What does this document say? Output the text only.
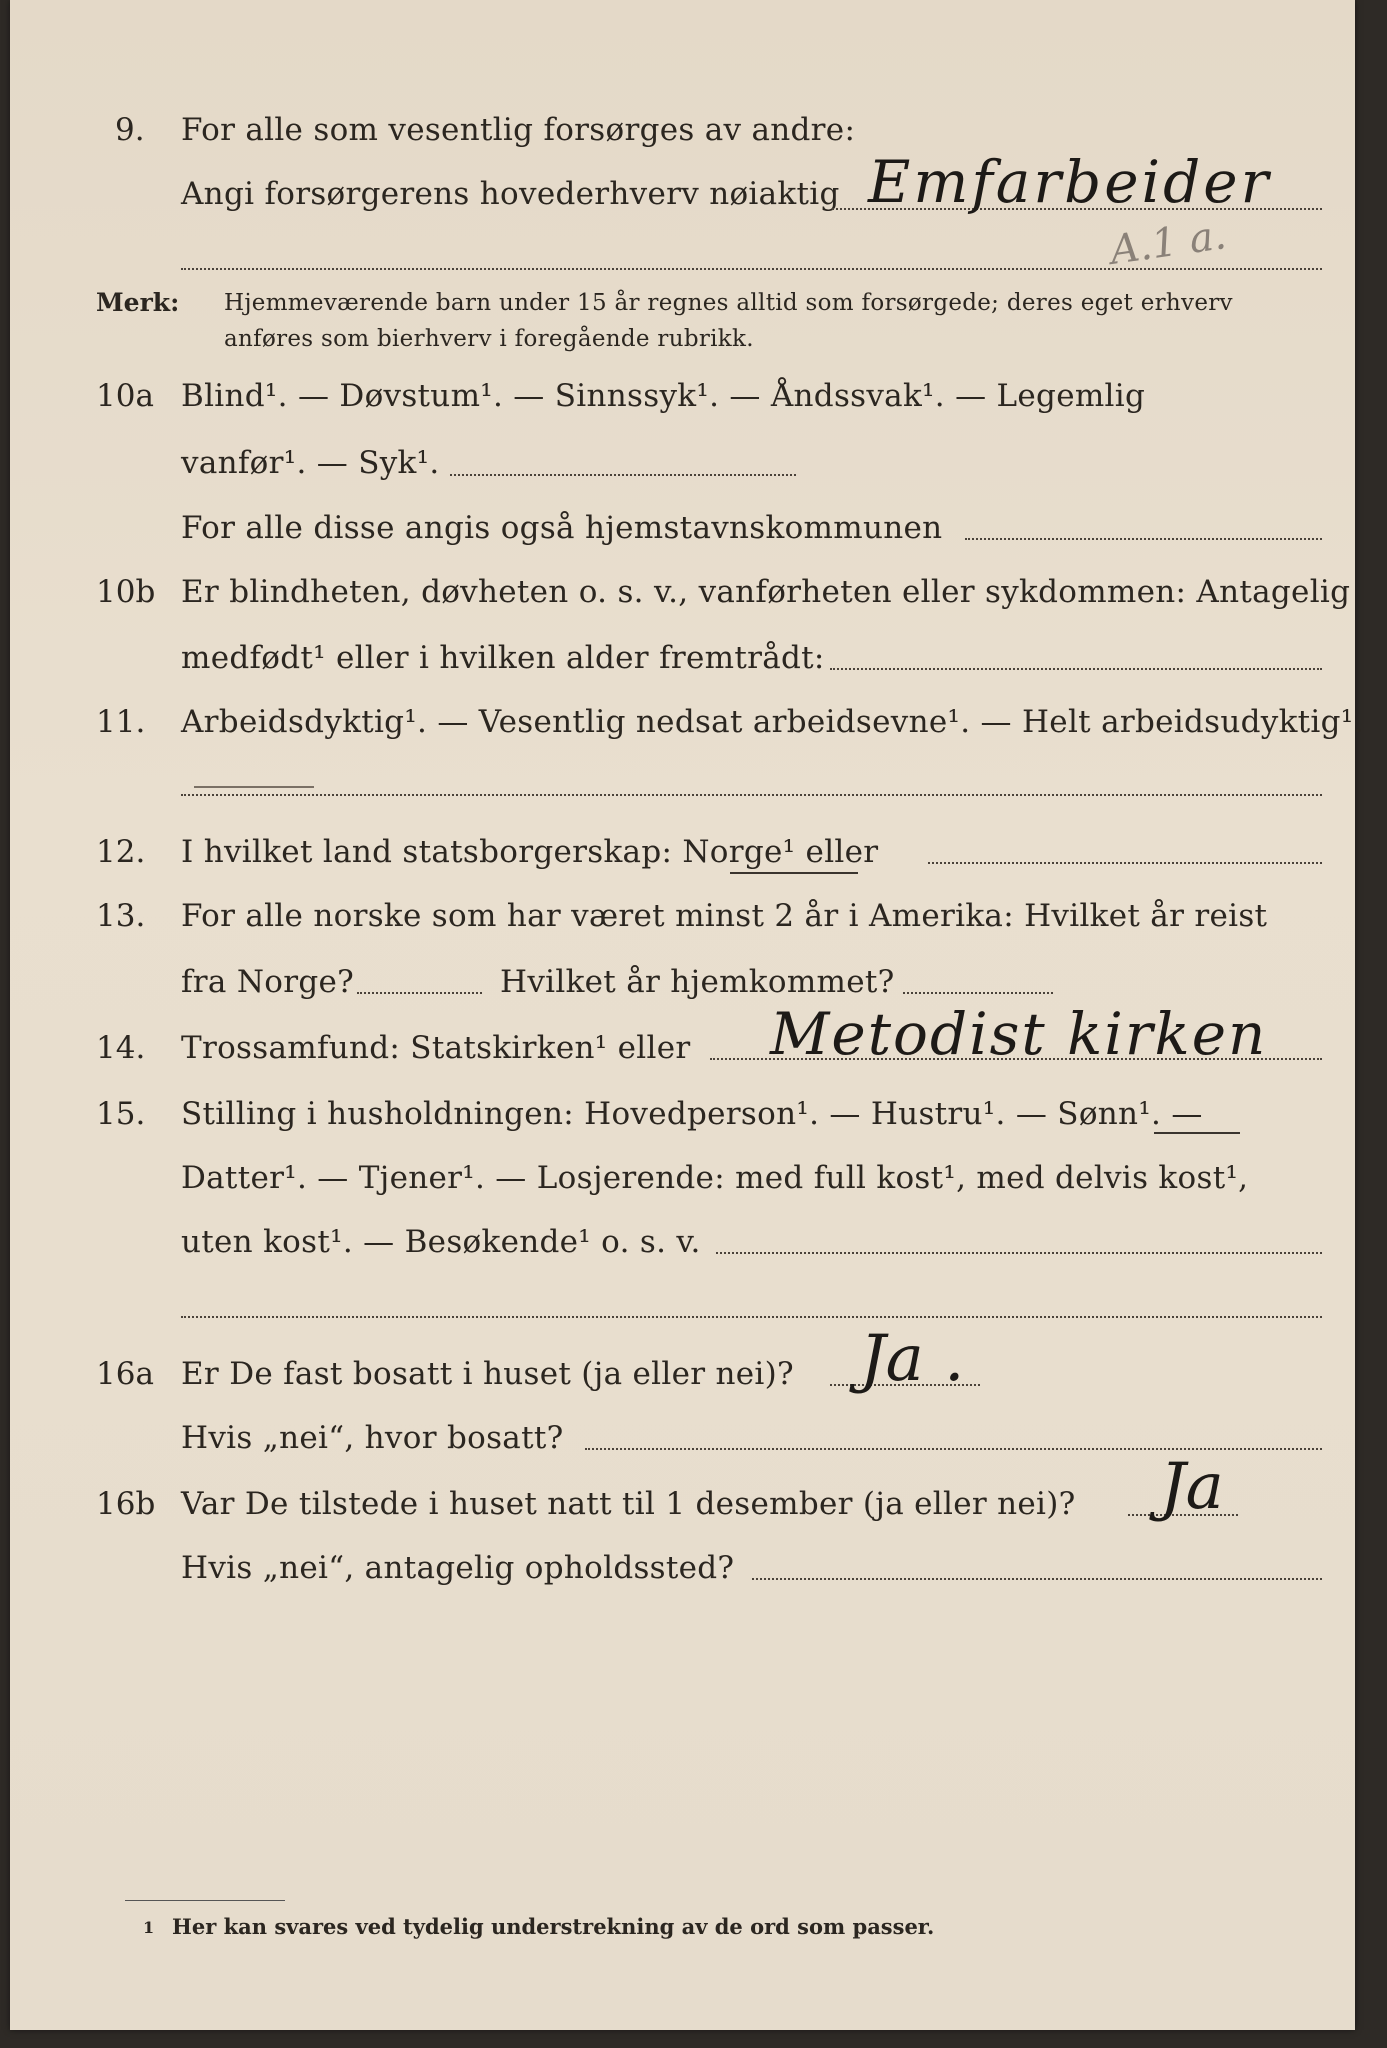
9. For alle som vesentlig forsørges av andre:
Angi forsørgerens hovederhverv nøiaktig Emfarbeider
A.1 a.
Merk: Hjemmeværende barn under 15 år regnes alltid som forsørgede; deres eget erhverv
anføres som bierhverv i foregående rubrikk.
10a Blind¹. — Døvstum¹. — Sinnssyk¹. — Åndssvak¹. — Legemlig
vanfør¹. — Syk¹.
For alle disse angis også hjemstavnskommunen
10b Er blindheten, døvheten o. s. v., vanførheten eller sykdommen: Antagelig
medfødt¹ eller i hvilken alder fremtrådt:
11. Arbeidsdyktig¹. — Vesentlig nedsat arbeidsevne¹. — Helt arbeidsudyktig¹.
12. I hvilket land statsborgerskap: Norge¹ eller
13. For alle norske som har været minst 2 år i Amerika: Hvilket år reist
fra Norge?	Hvilket år hjemkommet?
14. Trossamfund: Statskirken¹ eller Metodist kirken
15. Stilling i husholdningen: Hovedperson¹. — Hustru¹. — Sønn¹. —
Datter¹. — Tjener¹. — Losjerende: med full kost¹, med delvis kost¹,
uten kost¹. — Besøkende¹ o. s. v.
16a Er De fast bosatt i huset (ja eller nei)? Ja .
Hvis „nei“, hvor bosatt?
16b Var De tilstede i huset natt til 1 desember (ja eller nei)? Ja
Hvis „nei“, antagelig opholdssted?
1 Her kan svares ved tydelig understrekning av de ord som passer.
